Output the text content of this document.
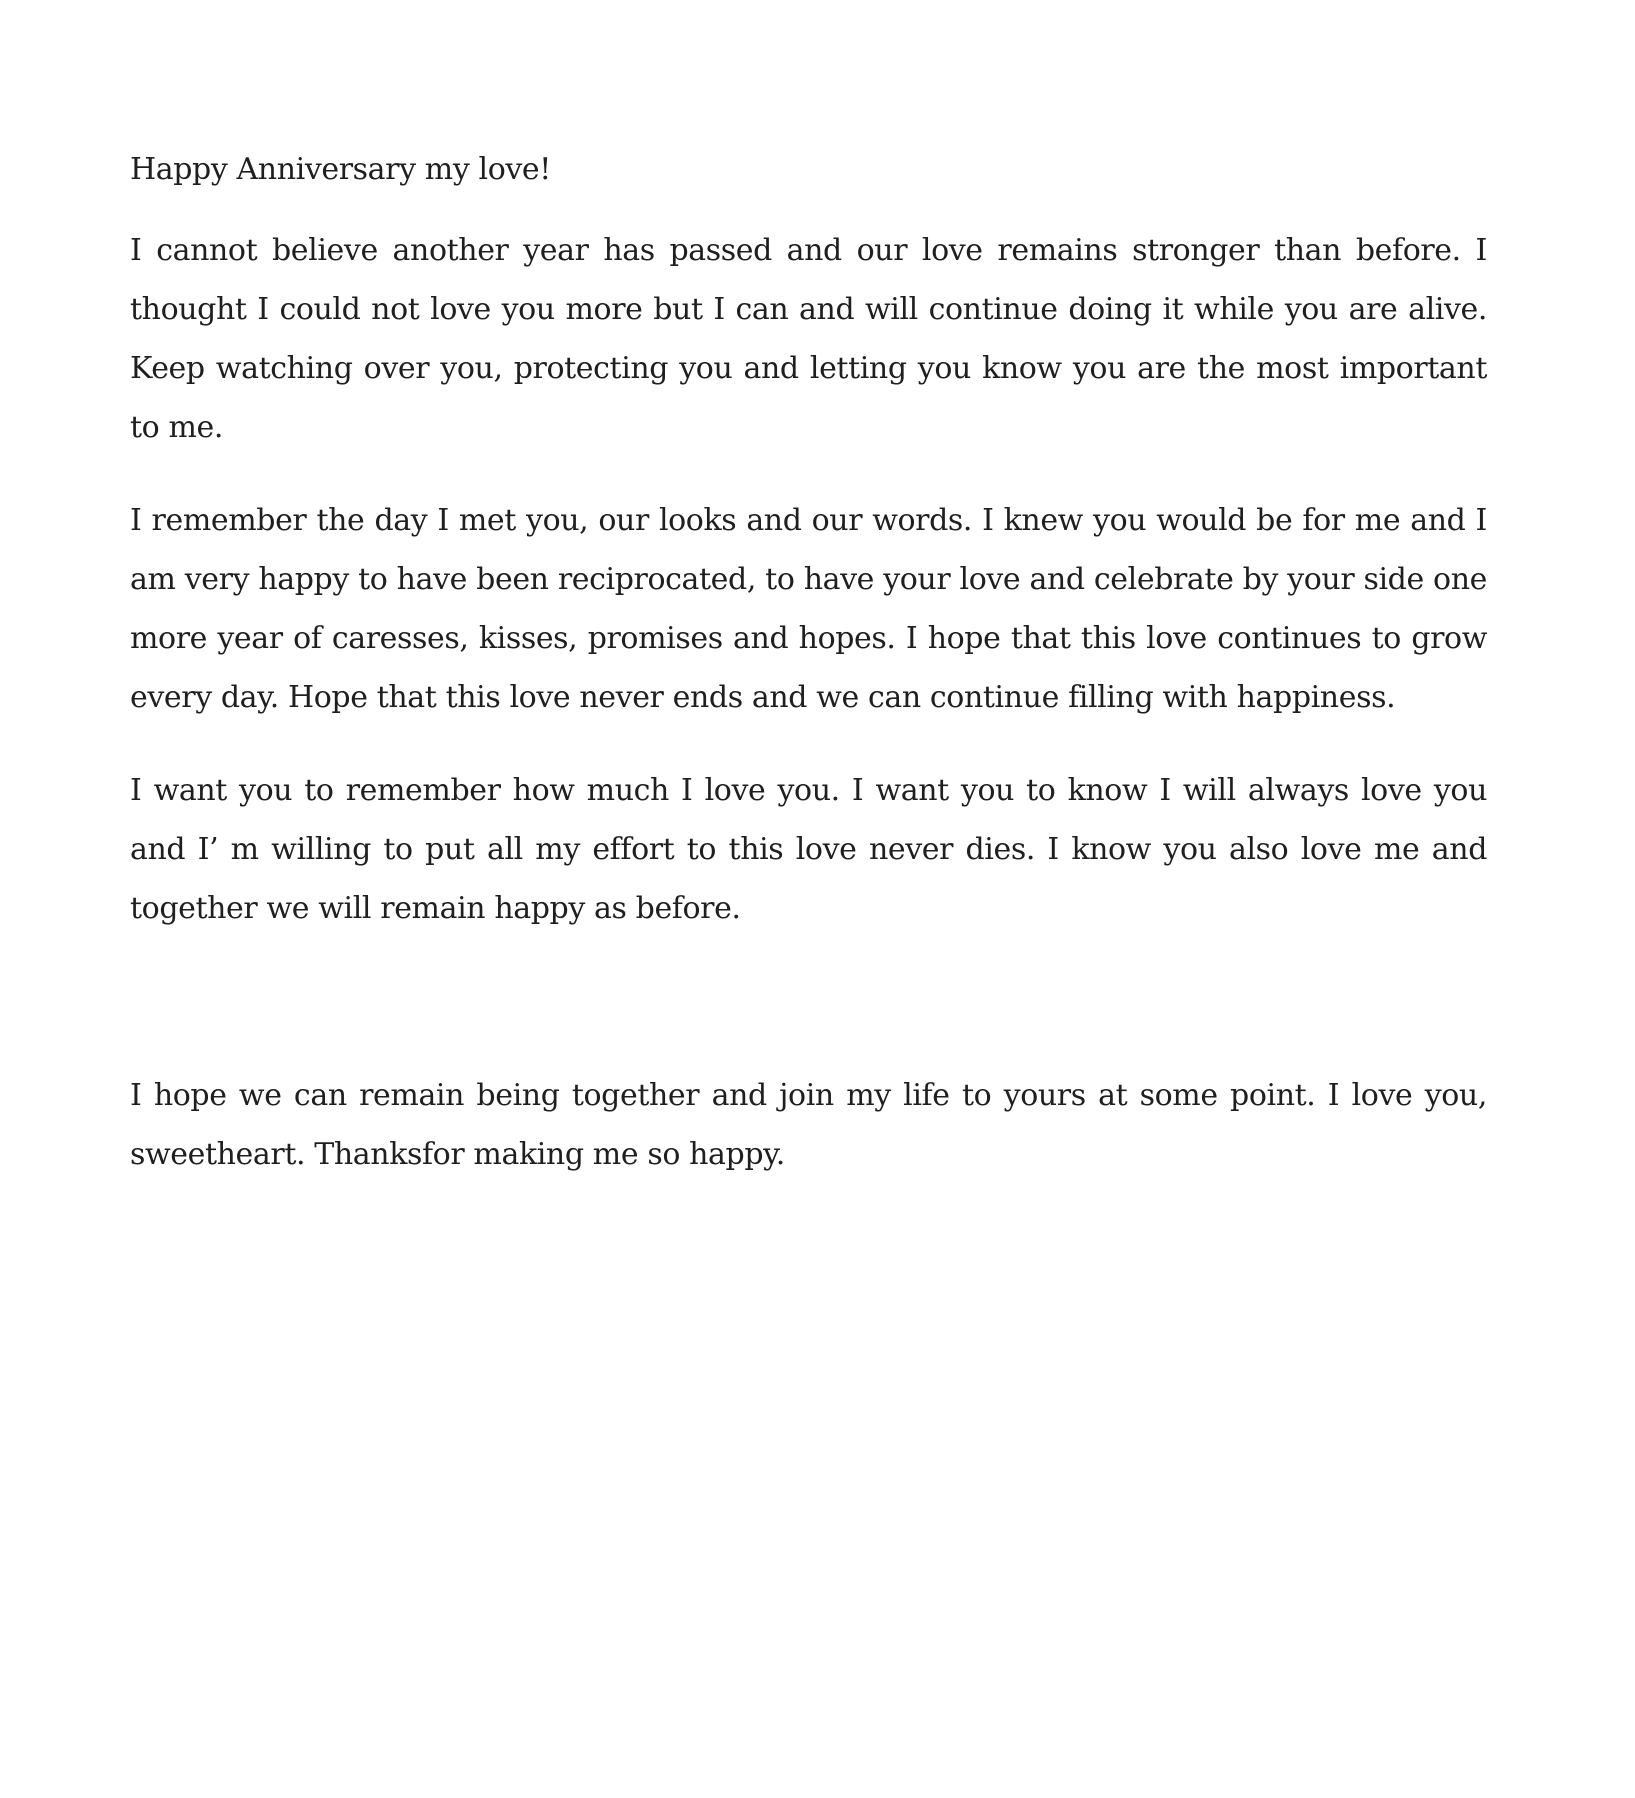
Happy Anniversary my love!

I cannot believe another year has passed and our love remains stronger than before. I thought I could not love you more but I can and will continue doing it while you are alive. Keep watching over you, protecting you and letting you know you are the most important to me.

I remember the day I met you, our looks and our words. I knew you would be for me and I am very happy to have been reciprocated, to have your love and celebrate by your side one more year of caresses, kisses, promises and hopes. I hope that this love continues to grow every day. Hope that this love never ends and we can continue filling with happiness.

I want you to remember how much I love you. I want you to know I will always love you and I’ m willing to put all my effort to this love never dies. I know you also love me and together we will remain happy as before.

I hope we can remain being together and join my life to yours at some point. I love you, sweetheart. Thanksfor making me so happy.
